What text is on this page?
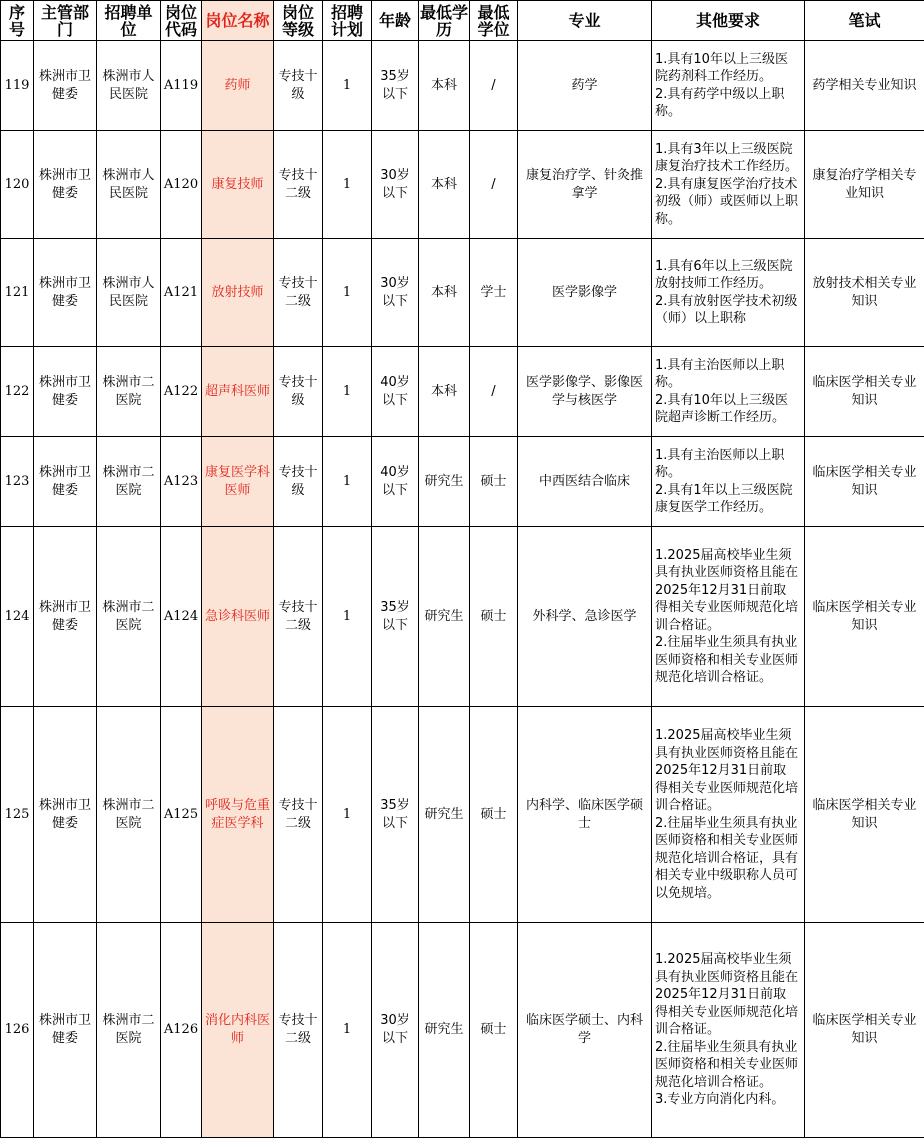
序号	主管部门	招聘单位	岗位代码	岗位名称	岗位等级	招聘计划	年龄	最低学历	最低学位	专业	其他要求	笔试
119	株洲市卫健委	株洲市人民医院	A119	药师	专技十级	1	35岁以下	本科	/	药学	1.具有10年以上三级医院药剂科工作经历。

2.具有药学中级以上职称。	药学相关专业知识
120	株洲市卫健委	株洲市人民医院	A120	康复技师	专技十二级	1	30岁以下	本科	/	康复治疗学、针灸推拿学	1.具有3年以上三级医院康复治疗技术工作经历。

2.具有康复医学治疗技术初级（师）或医师以上职称。	康复治疗学相关专业知识
121	株洲市卫健委	株洲市人民医院	A121	放射技师	专技十二级	1	30岁以下	本科	学士	医学影像学	1.具有6年以上三级医院放射技师工作经历。

2.具有放射医学技术初级（师）以上职称	放射技术相关专业知识
122	株洲市卫健委	株洲市二医院	A122	超声科医师	专技十级	1	40岁以下	本科	/	医学影像学、影像医学与核医学	1.具有主治医师以上职称。

2.具有10年以上三级医院超声诊断工作经历。	临床医学相关专业知识
123	株洲市卫健委	株洲市二医院	A123	康复医学科医师	专技十级	1	40岁以下	研究生	硕士	中西医结合临床	1.具有主治医师以上职称。

2.具有1年以上三级医院康复医学工作经历。	临床医学相关专业知识
124	株洲市卫健委	株洲市二医院	A124	急诊科医师	专技十二级	1	35岁以下	研究生	硕士	外科学、急诊医学	1.2025届高校毕业生须具有执业医师资格且能在2025年12月31日前取得相关专业医师规范化培训合格证。

2.往届毕业生须具有执业医师资格和相关专业医师规范化培训合格证。	临床医学相关专业知识
125	株洲市卫健委	株洲市二医院	A125	呼吸与危重症医学科	专技十二级	1	35岁以下	研究生	硕士	内科学、临床医学硕士	1.2025届高校毕业生须具有执业医师资格且能在2025年12月31日前取得相关专业医师规范化培训合格证。

2.往届毕业生须具有执业医师资格和相关专业医师规范化培训合格证，具有相关专业中级职称人员可以免规培。	临床医学相关专业知识
126	株洲市卫健委	株洲市二医院	A126	消化内科医师	专技十二级	1	30岁以下	研究生	硕士	临床医学硕士、内科学	1.2025届高校毕业生须具有执业医师资格且能在2025年12月31日前取得相关专业医师规范化培训合格证。

2.往届毕业生须具有执业医师资格和相关专业医师规范化培训合格证。

3.专业方向消化内科。	临床医学相关专业知识
